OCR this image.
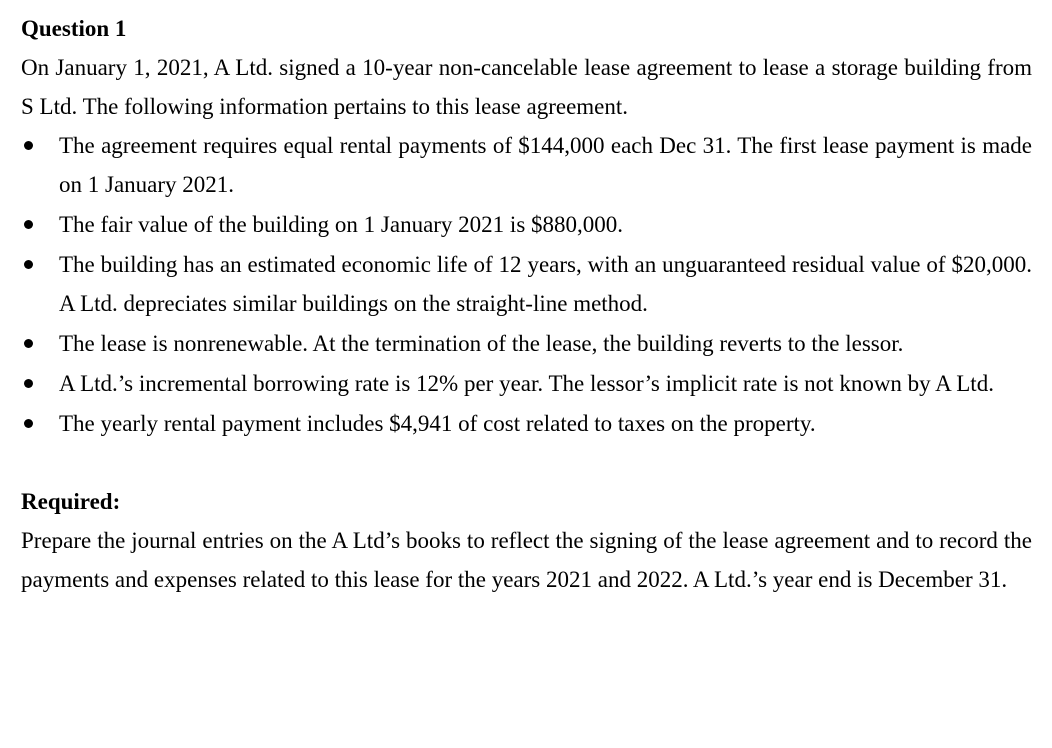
Question 1

On January 1, 2021, A Ltd. signed a 10-year non-cancelable lease agreement to lease a storage building from S Ltd. The following information pertains to this lease agreement.

The agreement requires equal rental payments of $144,000 each Dec 31. The first lease payment is made on 1 January 2021.
The fair value of the building on 1 January 2021 is $880,000.
The building has an estimated economic life of 12 years, with an unguaranteed residual value of $20,000. A Ltd. depreciates similar buildings on the straight-line method.
The lease is nonrenewable. At the termination of the lease, the building reverts to the lessor.
A Ltd.’s incremental borrowing rate is 12% per year. The lessor’s implicit rate is not known by A Ltd.
The yearly rental payment includes $4,941 of cost related to taxes on the property.
Required:

Prepare the journal entries on the A Ltd’s books to reflect the signing of the lease agreement and to record the payments and expenses related to this lease for the years 2021 and 2022. A Ltd.’s year end is December 31.
